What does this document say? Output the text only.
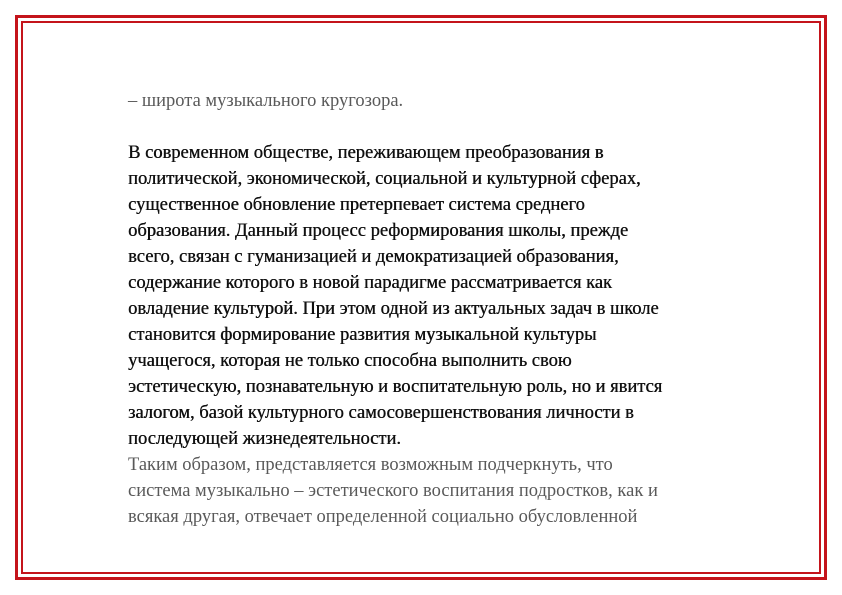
– широта музыкального кругозора.
В современном обществе, переживающем преобразования в
политической, экономической, социальной и культурной сферах,
существенное обновление претерпевает система среднего
образования. Данный процесс реформирования школы, прежде
всего, связан с гуманизацией и демократизацией образования,
содержание которого в новой парадигме рассматривается как
овладение культурой. При этом одной из актуальных задач в школе
становится формирование развития музыкальной культуры
учащегося, которая не только способна выполнить свою
эстетическую, познавательную и воспитательную роль, но и явится
залогом, базой культурного самосовершенствования личности в
последующей жизнедеятельности.
Таким образом, представляется возможным подчеркнуть, что
система музыкально – эстетического воспитания подростков, как и
всякая другая, отвечает определенной социально обусловленной
